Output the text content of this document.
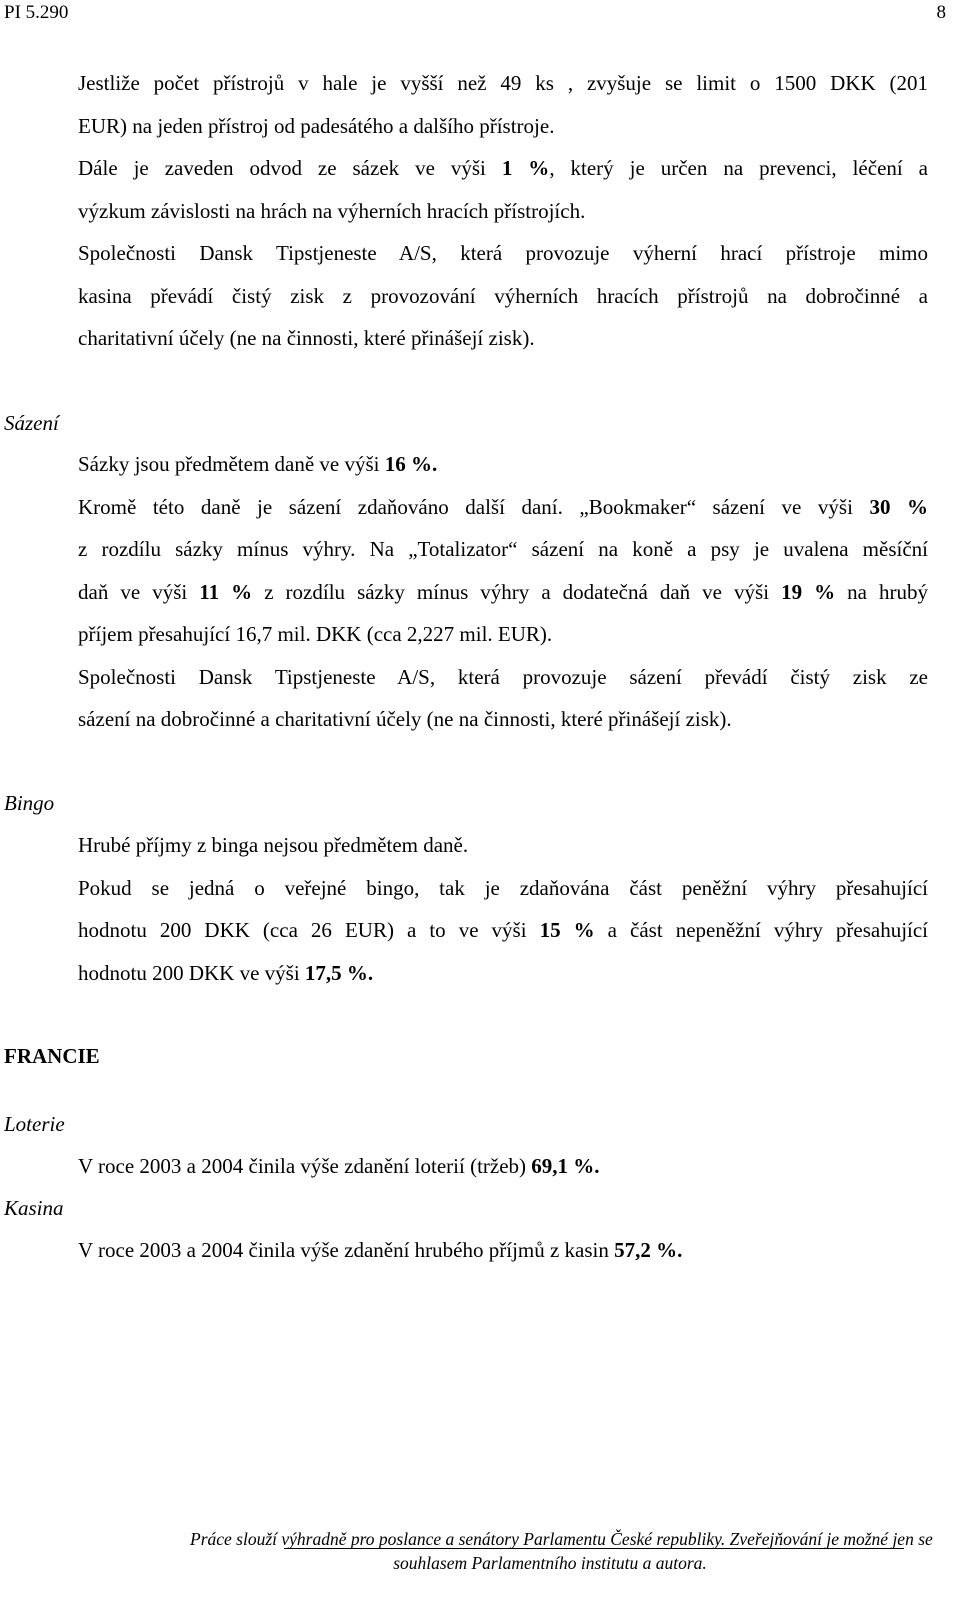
PI 5.290	8
Jestliže počet přístrojů v hale je vyšší než 49 ks , zvyšuje se limit o 1500 DKK (201
EUR) na jeden přístroj od padesátého a dalšího přístroje.
Dále je zaveden odvod ze sázek ve výši 1 %, který je určen na prevenci, léčení a
výzkum závislosti na hrách na výherních hracích přístrojích.
Společnosti Dansk Tipstjeneste A/S, která provozuje výherní hrací přístroje mimo
kasina převádí čistý zisk z provozování výherních hracích přístrojů na dobročinné a
charitativní účely (ne na činnosti, které přinášejí zisk).
Sázení
Sázky jsou předmětem daně ve výši 16 %.
Kromě této daně je sázení zdaňováno další daní. „Bookmaker“ sázení ve výši 30 %
z rozdílu sázky mínus výhry. Na „Totalizator“ sázení na koně a psy je uvalena měsíční
daň ve výši 11 % z rozdílu sázky mínus výhry a dodatečná daň ve výši 19 % na hrubý
příjem přesahující 16,7 mil. DKK (cca 2,227 mil. EUR).
Společnosti Dansk Tipstjeneste A/S, která provozuje sázení převádí čistý zisk ze
sázení na dobročinné a charitativní účely (ne na činnosti, které přinášejí zisk).
Bingo
Hrubé příjmy z binga nejsou předmětem daně.
Pokud se jedná o veřejné bingo, tak je zdaňována část peněžní výhry přesahující
hodnotu 200 DKK (cca 26 EUR) a to ve výši 15 % a část nepeněžní výhry přesahující
hodnotu 200 DKK ve výši 17,5 %.
FRANCIE
Loterie
V roce 2003 a 2004 činila výše zdanění loterií (tržeb) 69,1 %.
Kasina
V roce 2003 a 2004 činila výše zdanění hrubého příjmů z kasin 57,2 %.
Práce slouží výhradně pro poslance a senátory Parlamentu České republiky. Zveřejňování je možné jen se
souhlasem Parlamentního institutu a autora.
